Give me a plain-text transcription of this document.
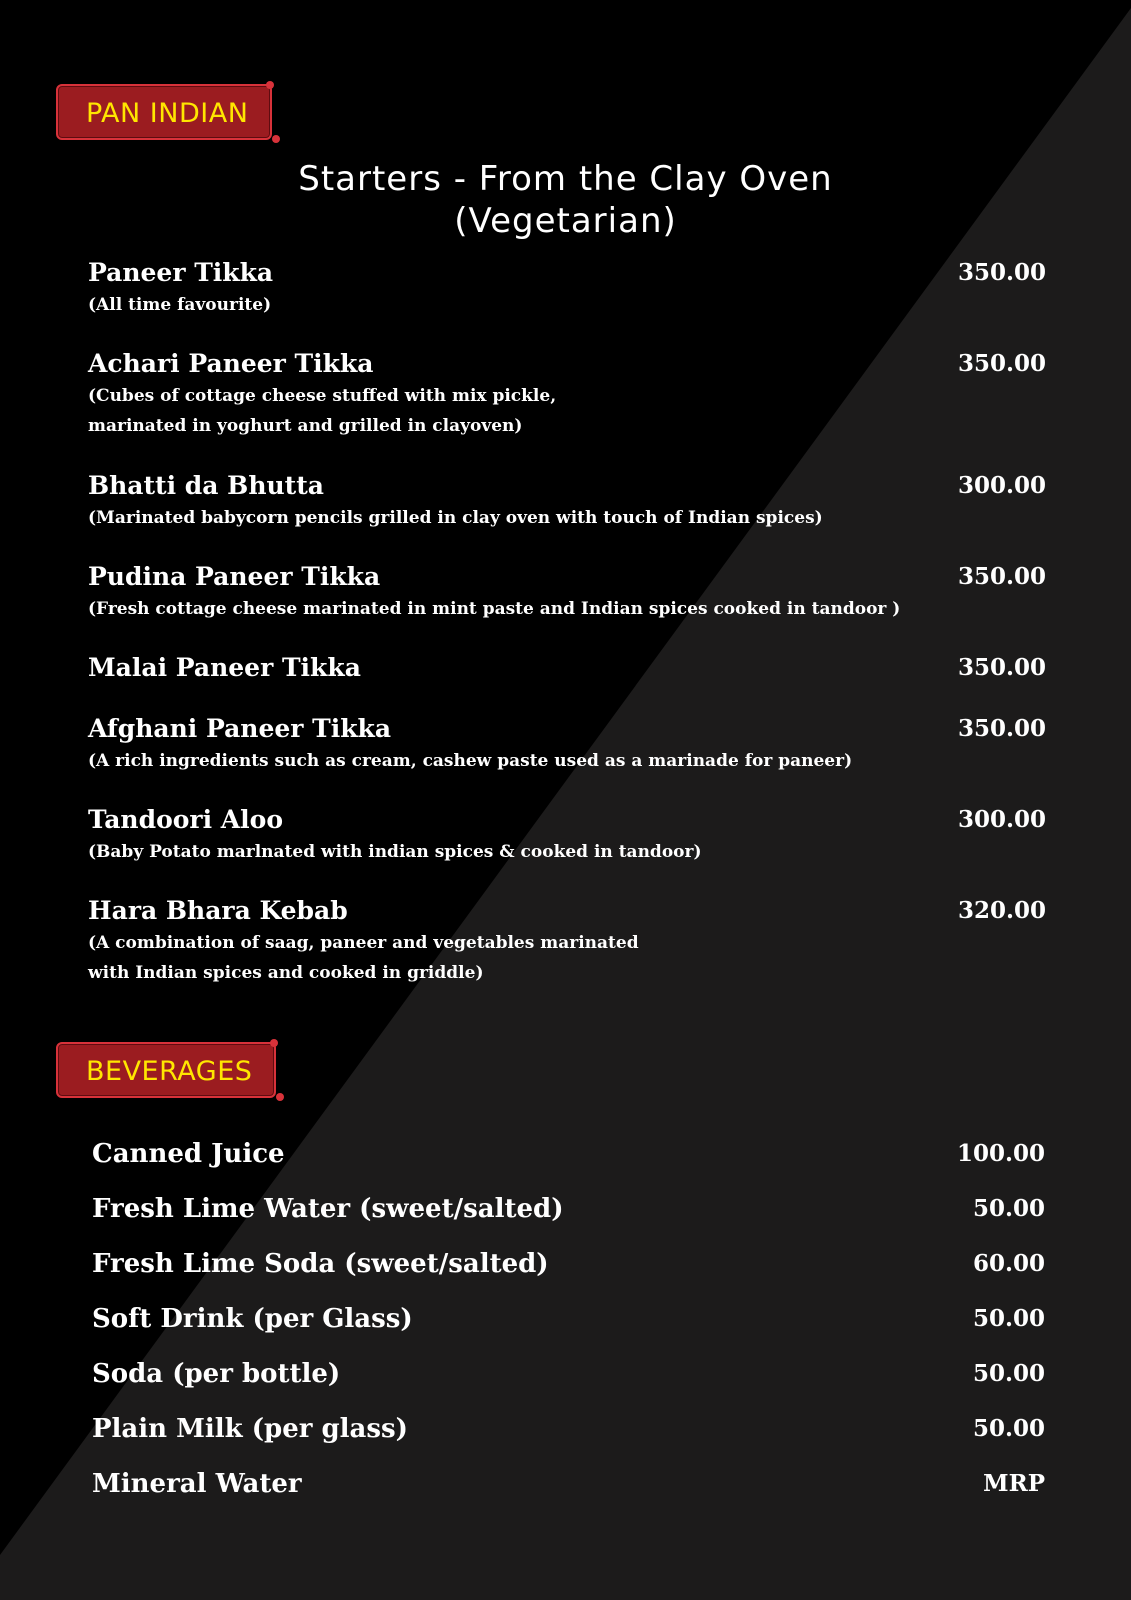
PAN INDIAN
Starters - From the Clay Oven
(Vegetarian)
Paneer Tikka	350.00
(All time favourite)
Achari Paneer Tikka	350.00
(Cubes of cottage cheese stuffed with mix pickle,
marinated in yoghurt and grilled in clayoven)
Bhatti da Bhutta	300.00
(Marinated babycorn pencils grilled in clay oven with touch of Indian spices)
Pudina Paneer Tikka	350.00
(Fresh cottage cheese marinated in mint paste and Indian spices cooked in tandoor )
Malai Paneer Tikka	350.00
Afghani Paneer Tikka	350.00
(A rich ingredients such as cream, cashew paste used as a marinade for paneer)
Tandoori Aloo	300.00
(Baby Potato marlnated with indian spices & cooked in tandoor)
Hara Bhara Kebab	320.00
(A combination of saag, paneer and vegetables marinated
with Indian spices and cooked in griddle)
BEVERAGES
Canned Juice	100.00
Fresh Lime Water (sweet/salted)	50.00
Fresh Lime Soda (sweet/salted)	60.00
Soft Drink (per Glass)	50.00
Soda (per bottle)	50.00
Plain Milk (per glass)	50.00
Mineral Water	MRP
